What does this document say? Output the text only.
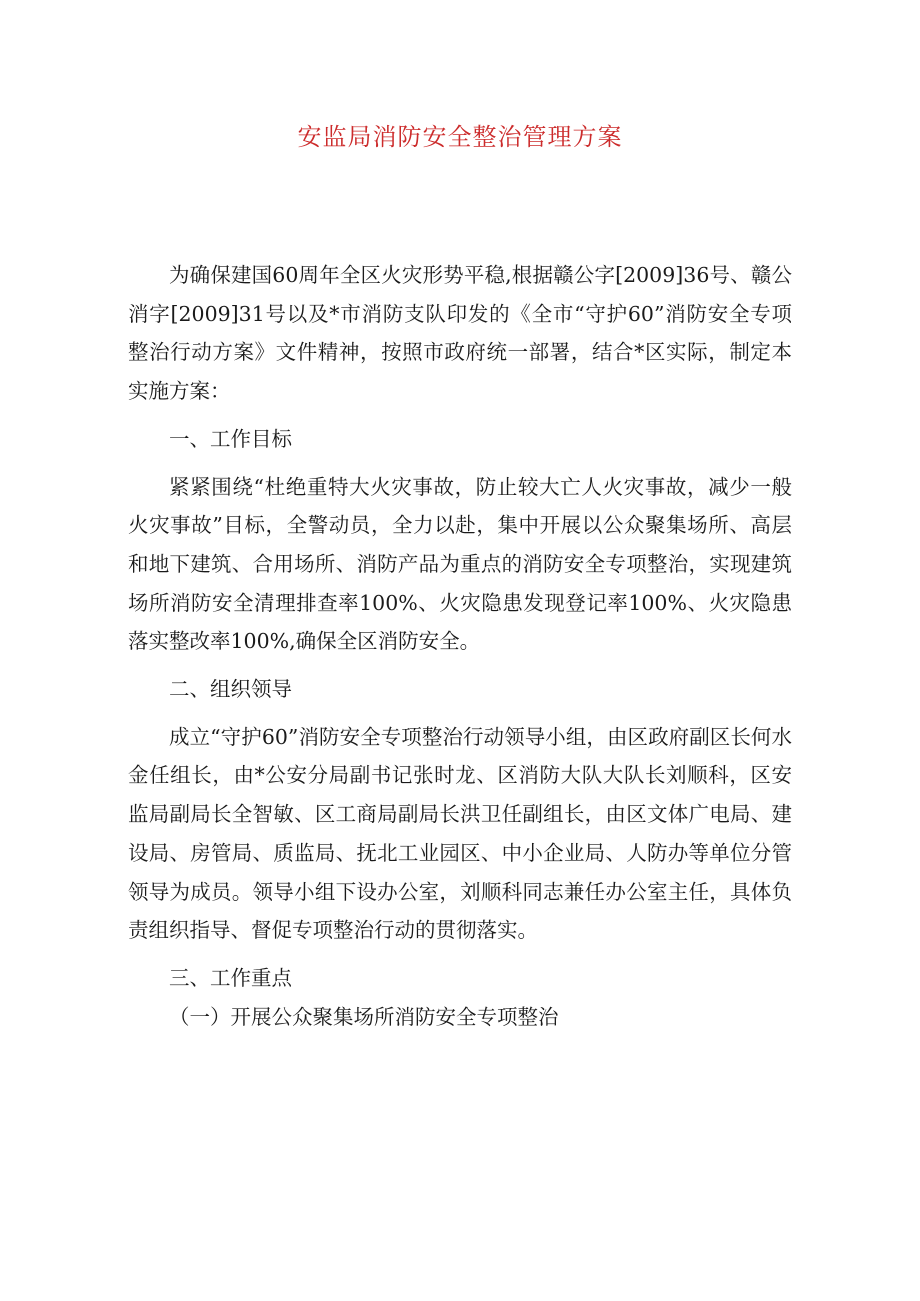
安监局消防安全整治管理方案

为确保建国60周年全区火灾形势平稳,根据赣公字[2009]36号、赣公消字[2009]31号以及*市消防支队印发的《全市“守护60”消防安全专项整治行动方案》文件精神，按照市政府统一部署，结合*区实际，制定本实施方案：

一、工作目标

紧紧围绕“杜绝重特大火灾事故，防止较大亡人火灾事故，减少一般火灾事故”目标，全警动员，全力以赴，集中开展以公众聚集场所、高层和地下建筑、合用场所、消防产品为重点的消防安全专项整治，实现建筑场所消防安全清理排查率100%、火灾隐患发现登记率100%、火灾隐患落实整改率100%,确保全区消防安全。

二、组织领导

成立“守护60”消防安全专项整治行动领导小组，由区政府副区长何水金任组长，由*公安分局副书记张时龙、区消防大队大队长刘顺科，区安监局副局长全智敏、区工商局副局长洪卫任副组长，由区文体广电局、建设局、房管局、质监局、抚北工业园区、中小企业局、人防办等单位分管领导为成员。领导小组下设办公室，刘顺科同志兼任办公室主任，具体负责组织指导、督促专项整治行动的贯彻落实。

三、工作重点

（一）开展公众聚集场所消防安全专项整治
